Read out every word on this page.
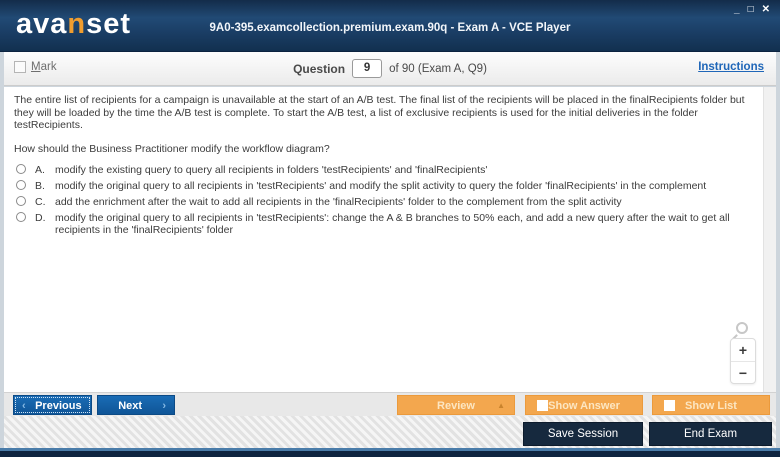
avanset	9A0-395.examcollection.premium.exam.90q - Exam A - VCE Player
_ □ ✕
Mark	Question	9	of 90 (Exam A, Q9)	Instructions
The entire list of recipients for a campaign is unavailable at the start of an A/B test. The final list of the recipients will be placed in the finalRecipients folder but they will be loaded by the time the A/B test is complete. To start the A/B test, a list of exclusive recipients is used for the initial deliveries in the folder testRecipients.
How should the Business Practitioner modify the workflow diagram?
A. modify the existing query to query all recipients in folders 'testRecipients' and 'finalRecipients'
B. modify the original query to all recipients in 'testRecipients' and modify the split activity to query the folder 'finalRecipients' in the complement
C. add the enrichment after the wait to add all recipients in the 'finalRecipients' folder to the complement from the split activity
D. modify the original query to all recipients in 'testRecipients': change the A & B branches to 50% each, and add a new query after the wait to get all recipients in the 'finalRecipients' folder
+
−
‹ Previous	›
Next	Review	▲	Show Answer	Show List
Save Session	End Exam
